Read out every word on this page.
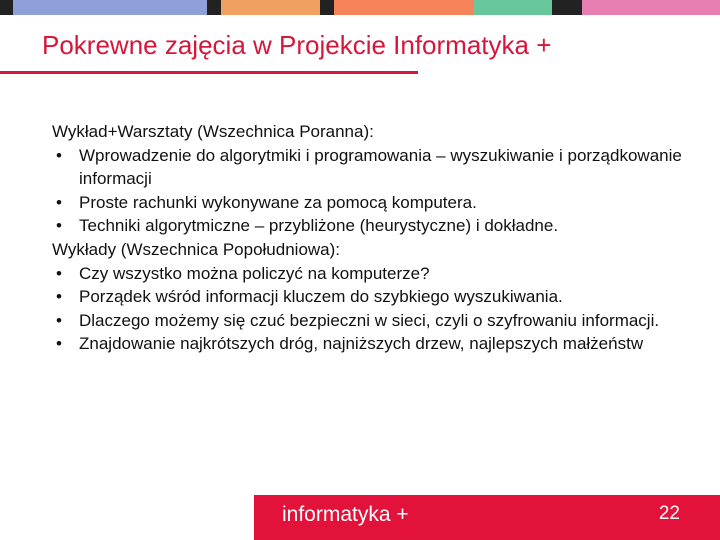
Pokrewne zajęcia w Projekcie Informatyka +

Wykład+Warsztaty (Wszechnica Poranna):

• Wprowadzenie do algorytmiki i programowania – wyszukiwanie i porządkowanie informacji

• Proste rachunki wykonywane za pomocą komputera.

• Techniki algorytmiczne – przybliżone (heurystyczne) i dokładne.

Wykłady (Wszechnica Popołudniowa):

• Czy wszystko można policzyć na komputerze?

• Porządek wśród informacji kluczem do szybkiego wyszukiwania.

• Dlaczego możemy się czuć bezpieczni w sieci, czyli o szyfrowaniu informacji.

• Znajdowanie najkrótszych dróg, najniższych drzew, najlepszych małżeństw

informatyka +	22
